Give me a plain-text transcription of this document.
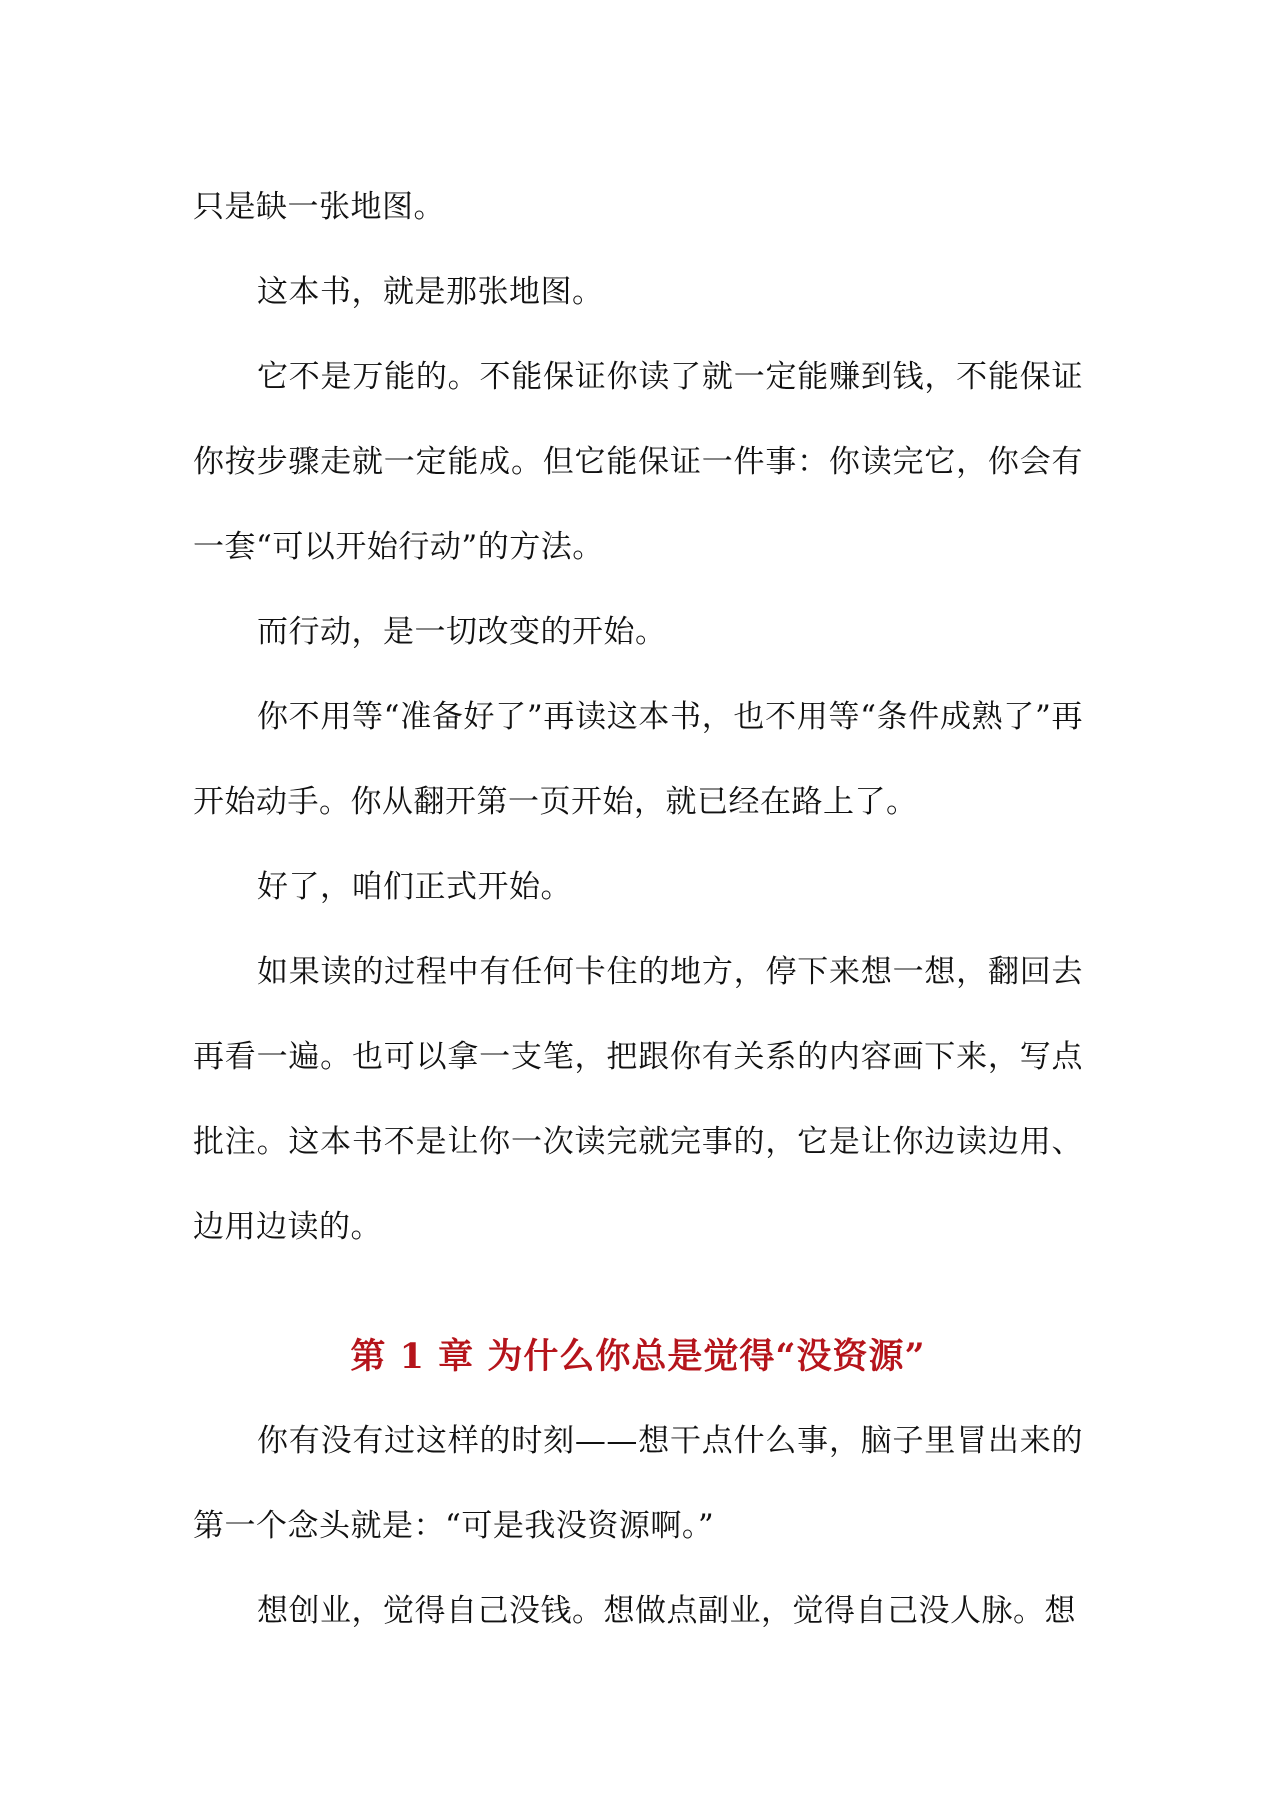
只是缺一张地图。

这本书，就是那张地图。

它不是万能的。不能保证你读了就一定能赚到钱，不能保证你按步骤走就一定能成。但它能保证一件事：你读完它，你会有一套“可以开始行动”的方法。

而行动，是一切改变的开始。

你不用等“准备好了”再读这本书，也不用等“条件成熟了”再开始动手。你从翻开第一页开始，就已经在路上了。

好了，咱们正式开始。

如果读的过程中有任何卡住的地方，停下来想一想，翻回去再看一遍。也可以拿一支笔，把跟你有关系的内容画下来，写点批注。这本书不是让你一次读完就完事的，它是让你边读边用、边用边读的。

第 1 章 为什么你总是觉得“没资源”

你有没有过这样的时刻——想干点什么事，脑子里冒出来的第一个念头就是：“可是我没资源啊。”

想创业，觉得自己没钱。想做点副业，觉得自己没人脉。想
